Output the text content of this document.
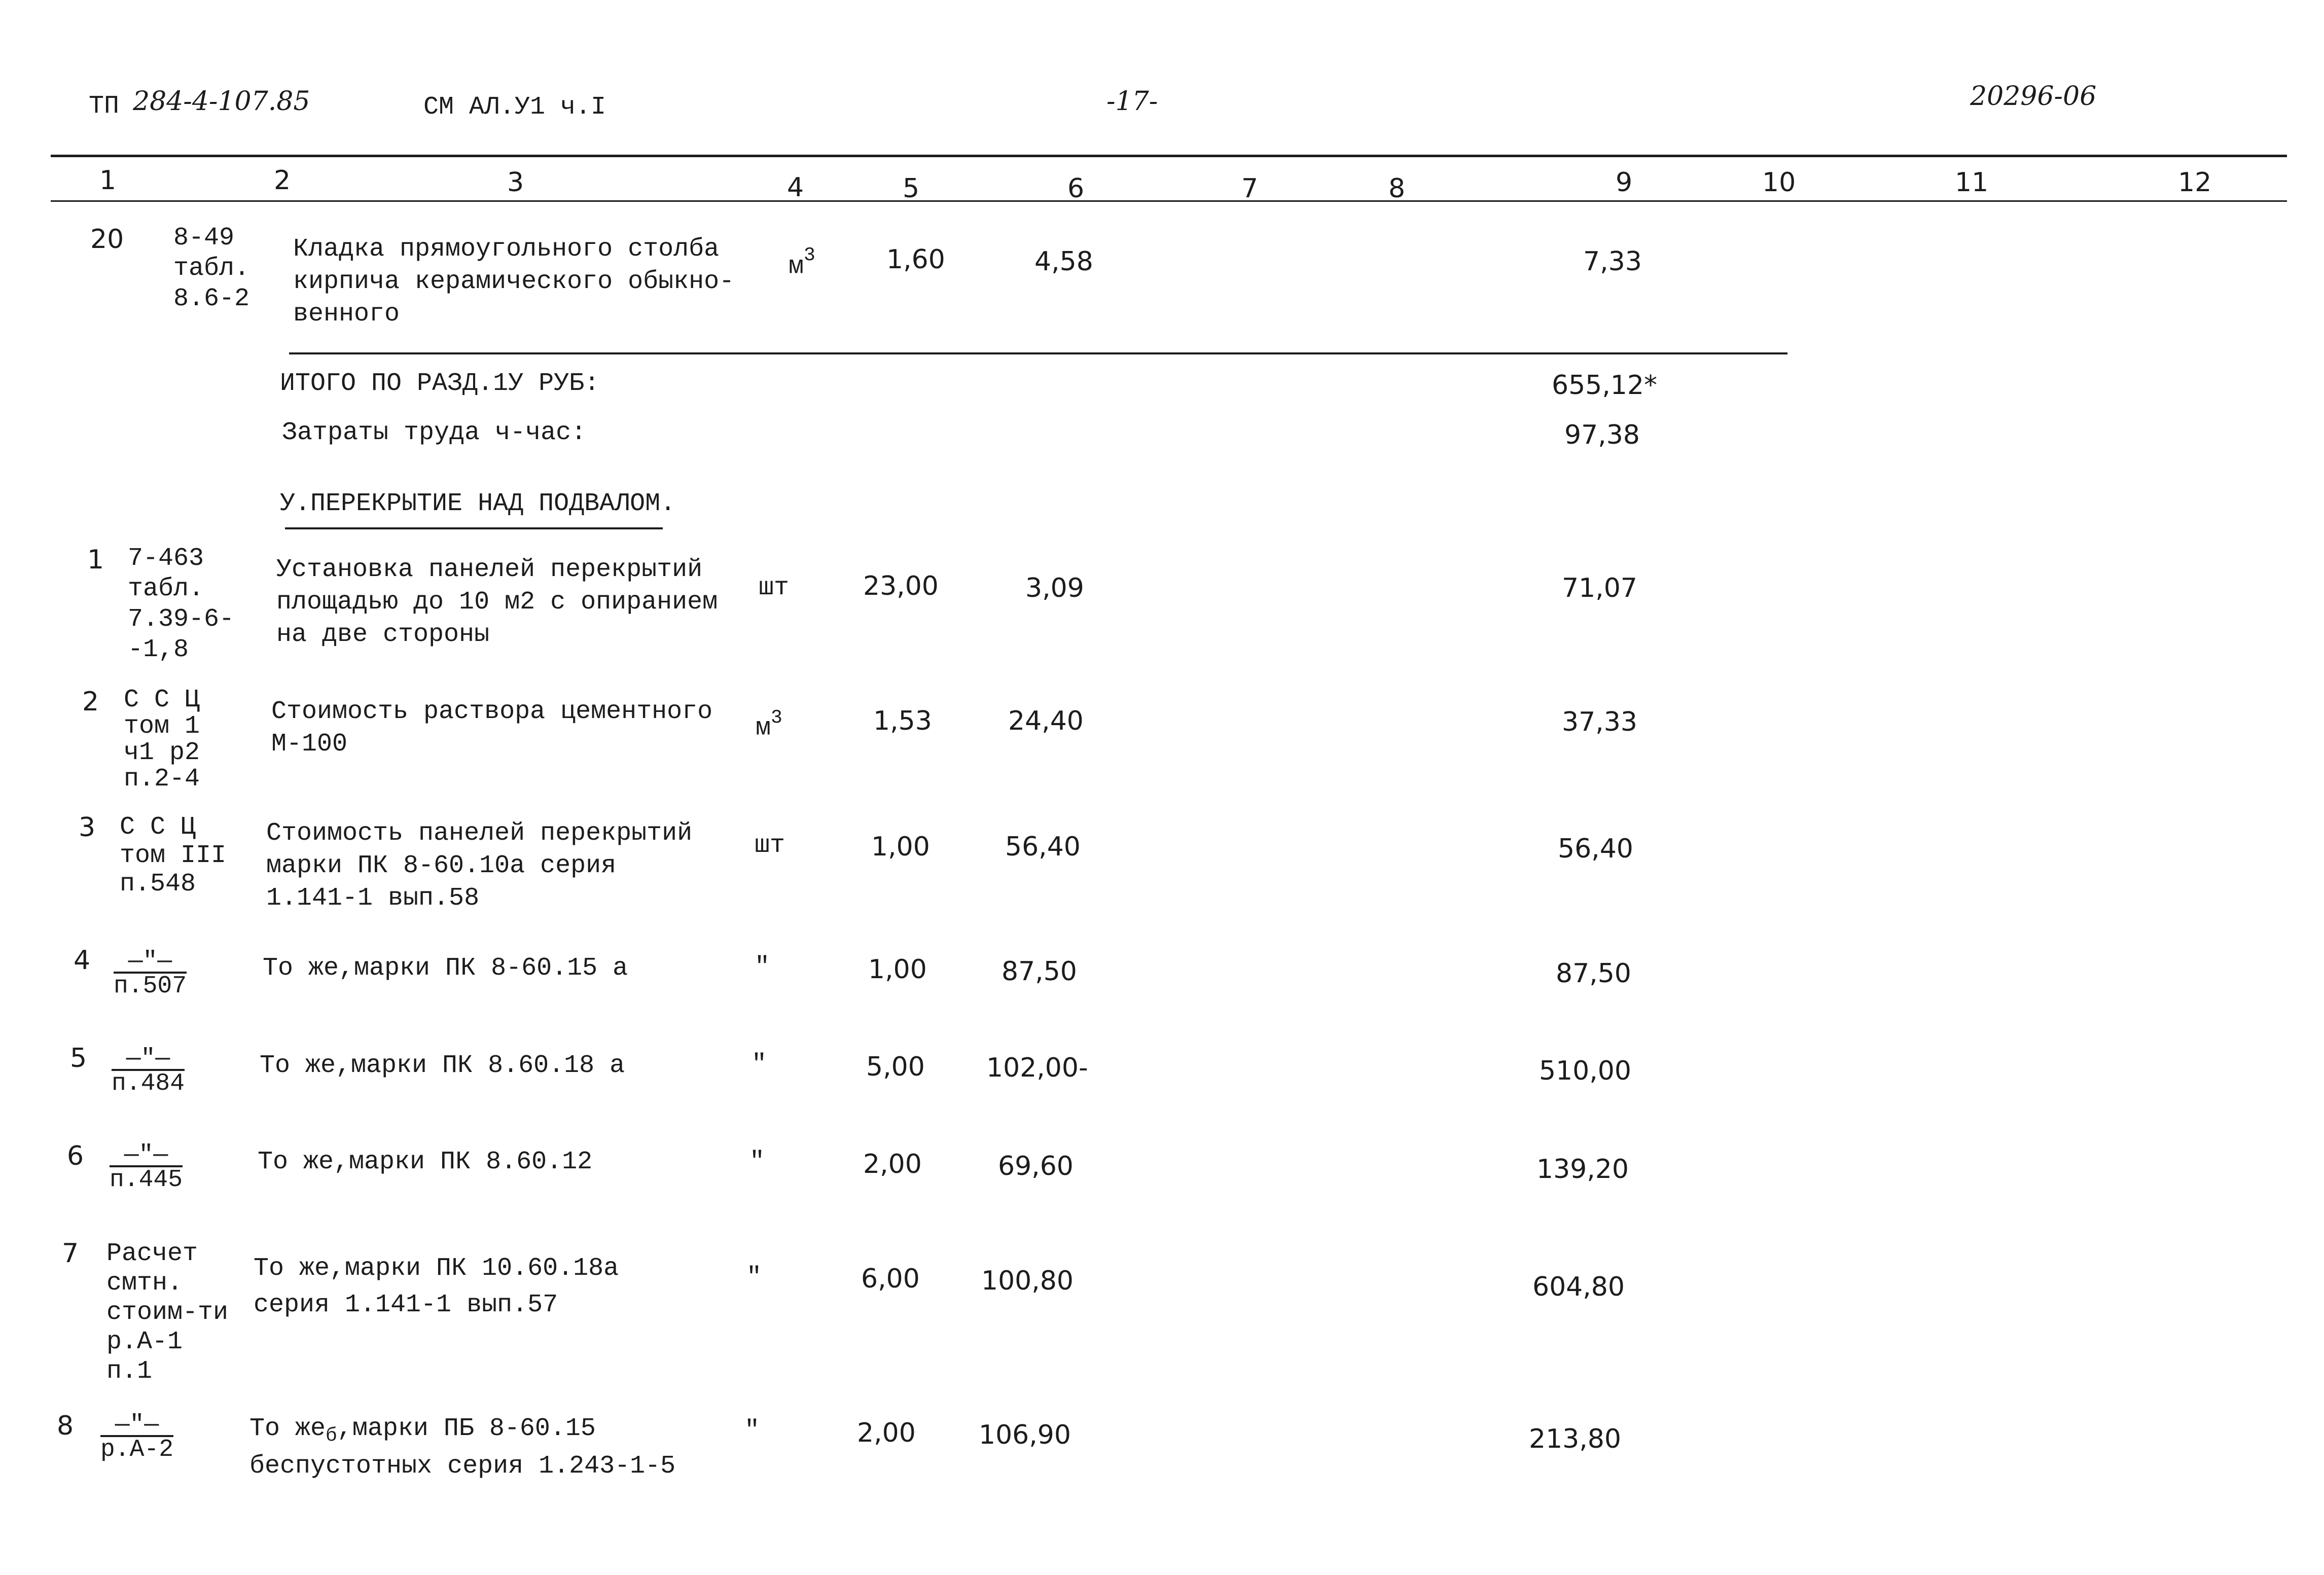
ТП 284-4-107.85	СМ АЛ.У1 ч.I	-17-	20296-06
1	2	3	4	5	6	7	8	9	10	11	12
20 8-49
табл.
8.6-2
Кладка прямоугольного столба
кирпича керамического обыкно-
венного
$м^3$	1,60	4,58	7,33
ИТОГО ПО РАЗД.1У РУБ:	655,12*
Затраты труда ч-час:	97,38
У.ПЕРЕКРЫТИЕ НАД ПОДВАЛОМ.
1 7-463
табл.
7.39-6-
-1,8
Установка панелей перекрытий
площадью до 10 м2 с опиранием
на две стороны
шт	23,00	3,09	71,07
2 С С Ц
том 1
ч1 р2
п.2-4
Стоимость раствора цементного
М-100
$м^3$	1,53	24,40	37,33
3 С С Ц
том III
п.548
Стоимость панелей перекрытий
марки ПК 8-60.10а серия
1.141-1 вып.58
шт	1,00	56,40	56,40
4	—"—
п.507
То же,марки ПК 8-60.15 а	"	1,00	87,50	87,50
5	—"—
п.484
То же,марки ПК 8.60.18 а	"	5,00 102,00-	510,00
6	—"—
п.445
То же,марки ПК 8.60.12	"	2,00	69,60	139,20
7 Расчет
смтн.
стоим-ти
р.А-1
п.1
То же,марки ПК 10.60.18а
серия 1.141-1 вып.57
"	6,00 100,80	604,80
8	—"—
р.А-2
То $же_б,марки$ ПБ 8-60.15
беспустотных серия 1.243-1-5
"	2,00 106,90	213,80
